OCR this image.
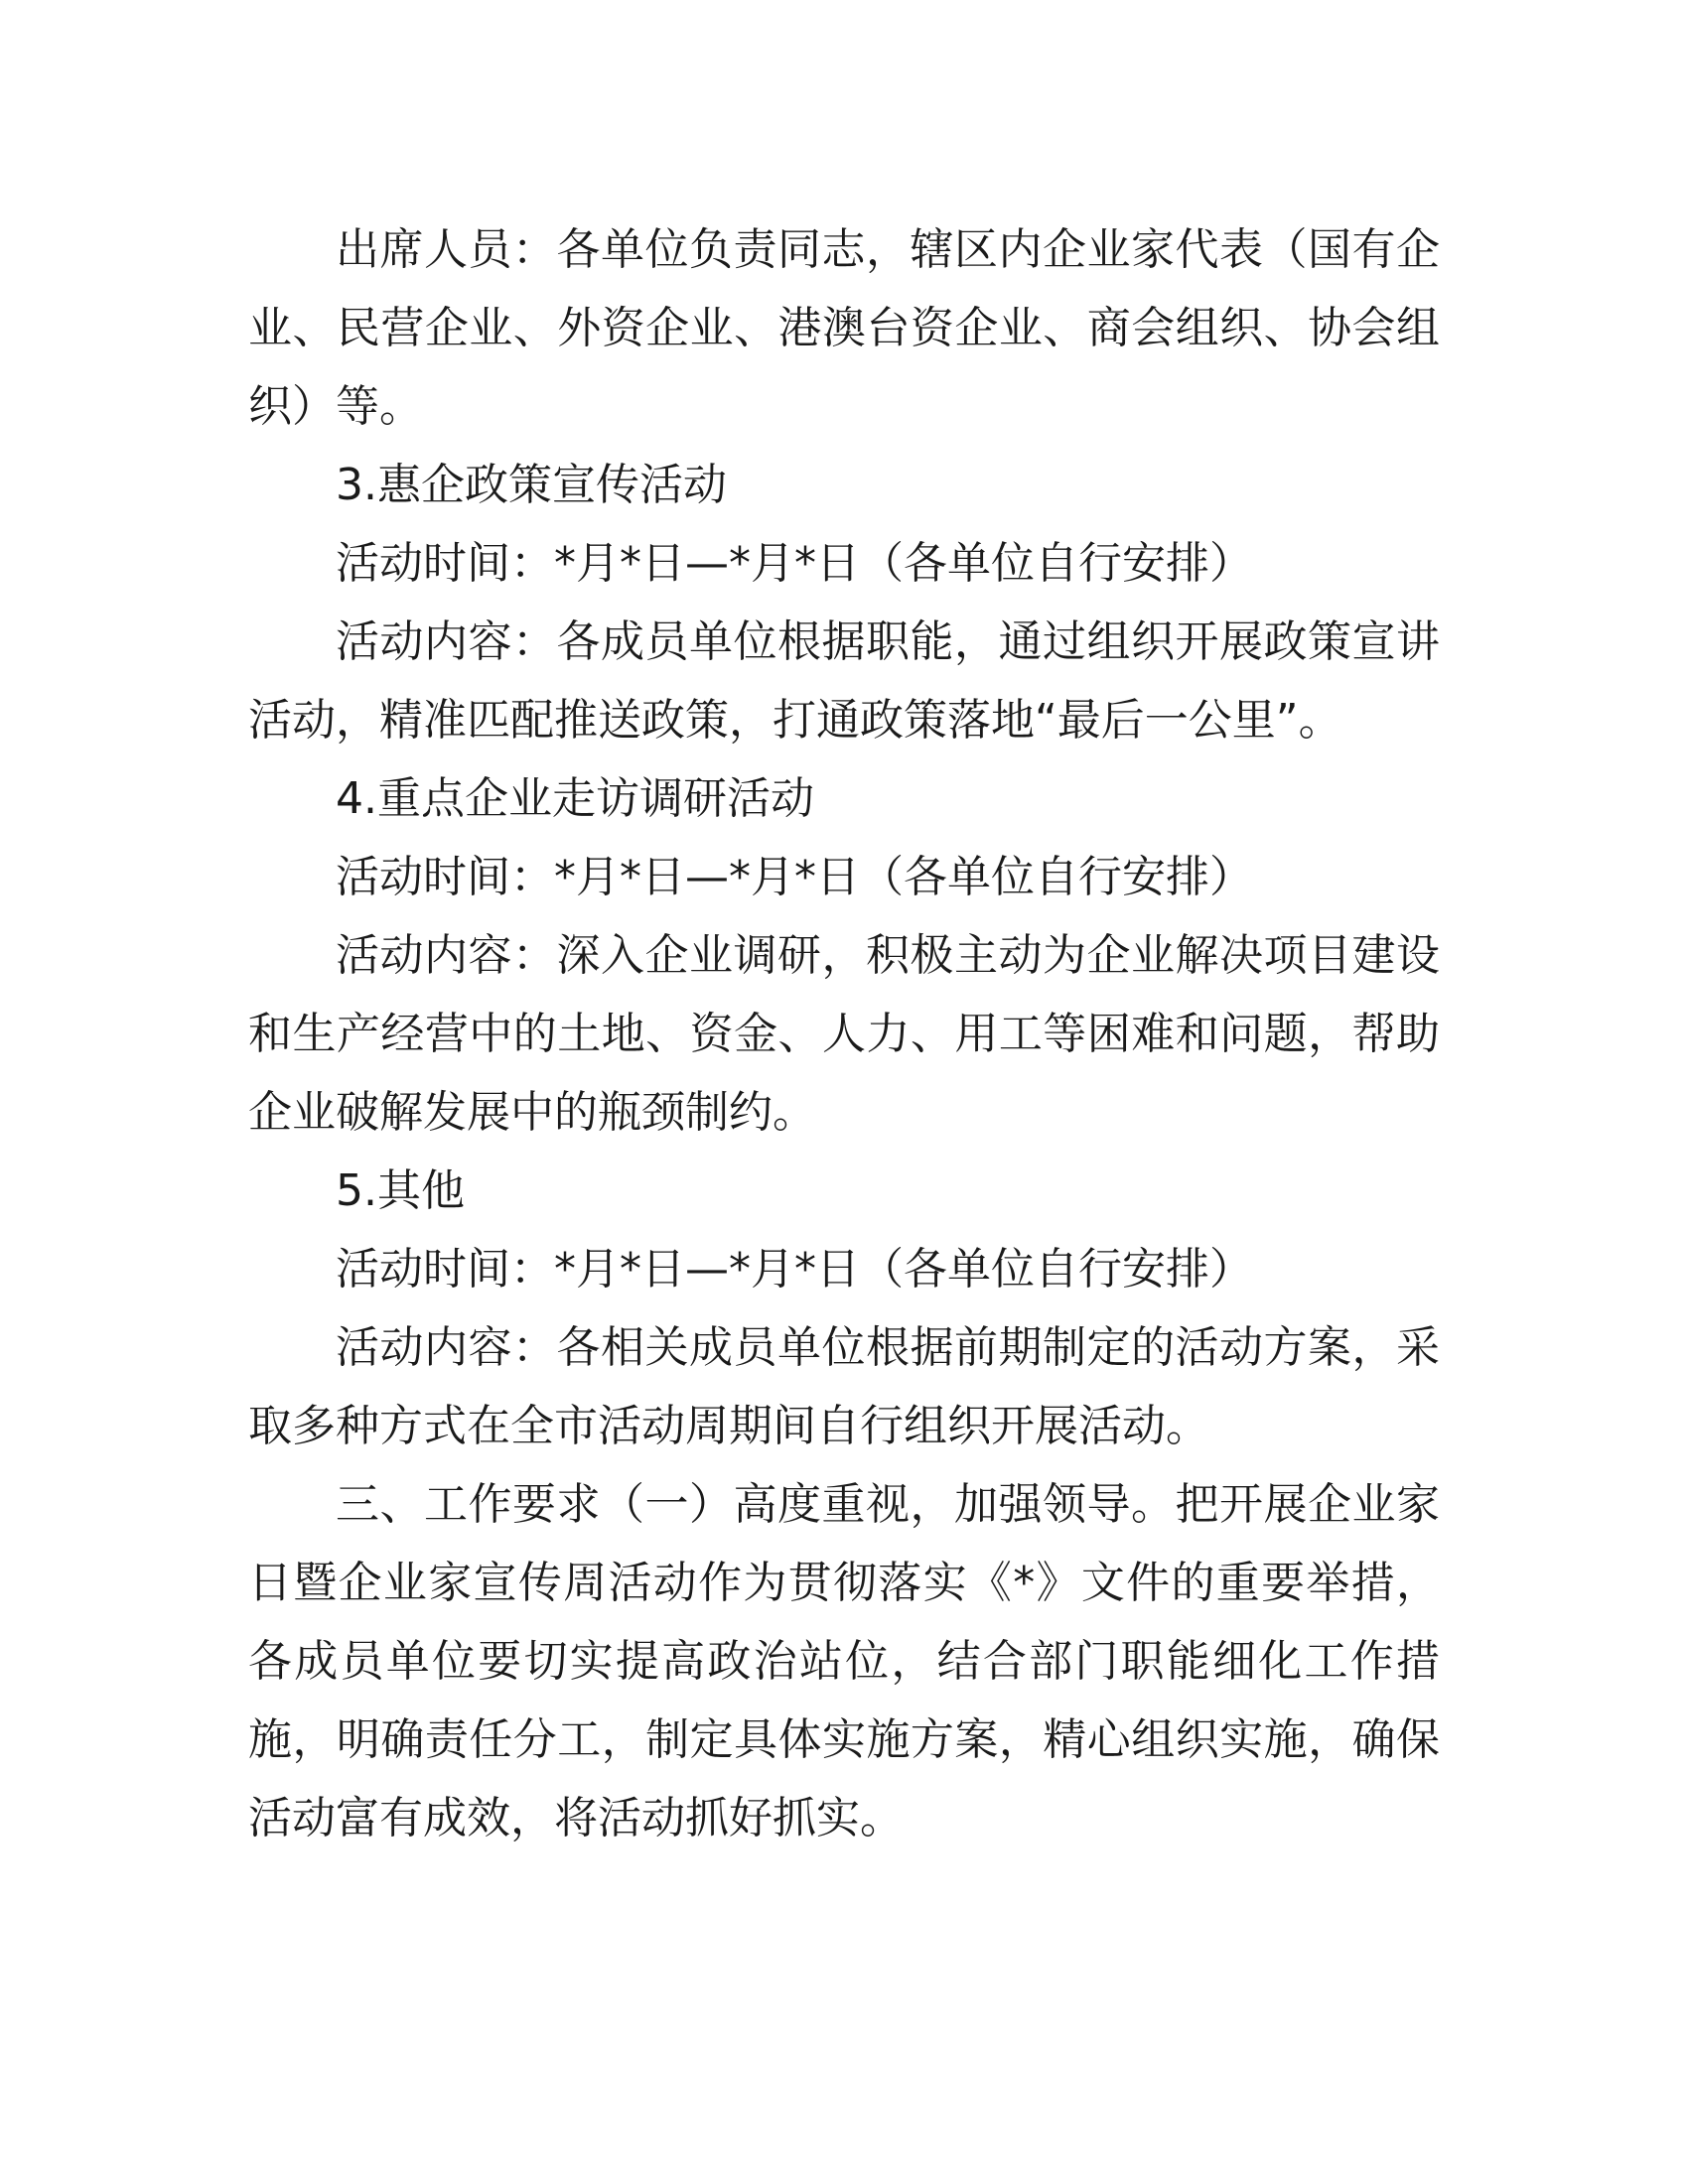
出席人员：各单位负责同志，辖区内企业家代表（国有企业、民营企业、外资企业、港澳台资企业、商会组织、协会组织）等。

3.惠企政策宣传活动

活动时间：*月*日—*月*日（各单位自行安排）

活动内容：各成员单位根据职能，通过组织开展政策宣讲活动，精准匹配推送政策，打通政策落地“最后一公里”。

4.重点企业走访调研活动

活动时间：*月*日—*月*日（各单位自行安排）

活动内容：深入企业调研，积极主动为企业解决项目建设和生产经营中的土地、资金、人力、用工等困难和问题，帮助企业破解发展中的瓶颈制约。

5.其他

活动时间：*月*日—*月*日（各单位自行安排）

活动内容：各相关成员单位根据前期制定的活动方案，采取多种方式在全市活动周期间自行组织开展活动。

三、工作要求（一）高度重视，加强领导。把开展企业家日暨企业家宣传周活动作为贯彻落实《*》文件的重要举措，各成员单位要切实提高政治站位，结合部门职能细化工作措施，明确责任分工，制定具体实施方案，精心组织实施，确保活动富有成效，将活动抓好抓实。
